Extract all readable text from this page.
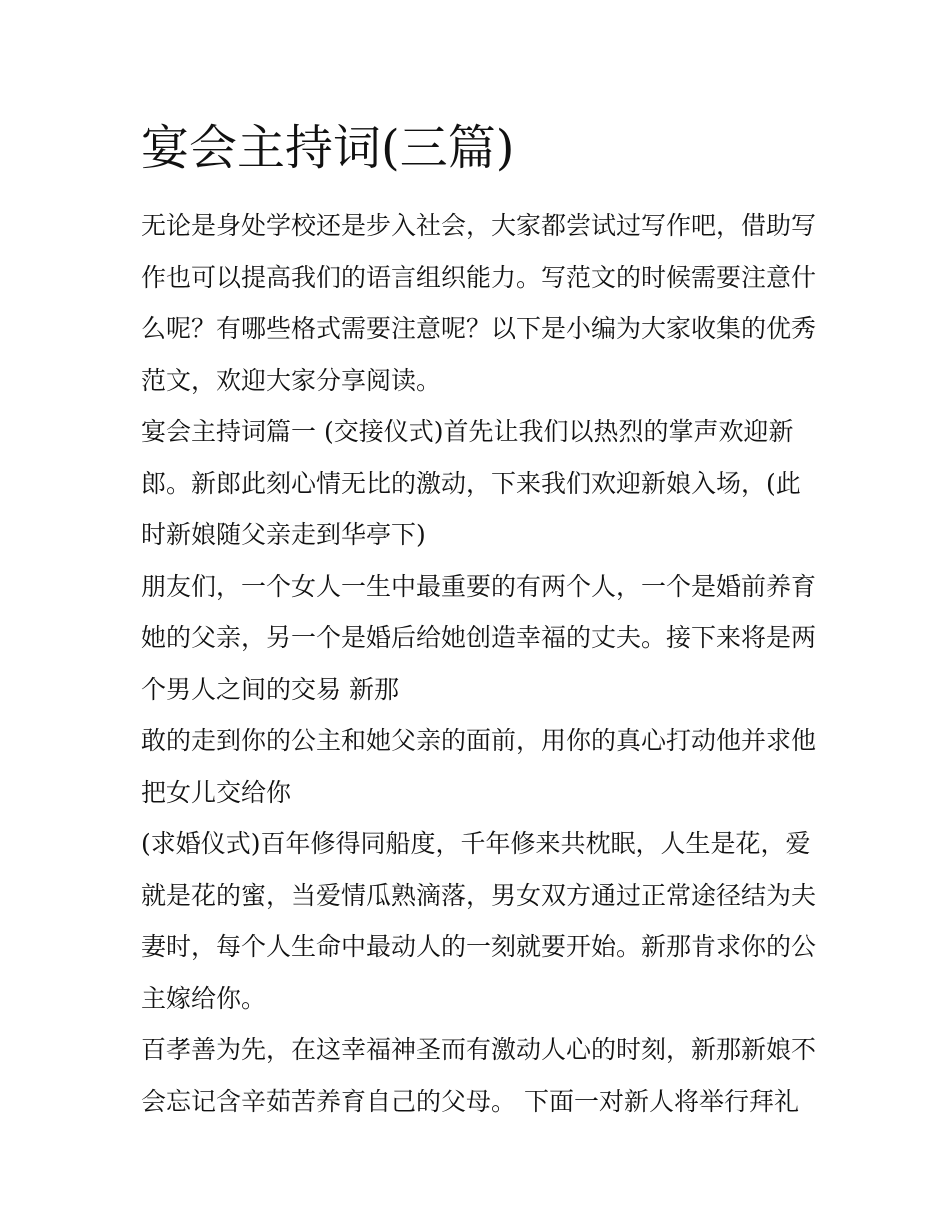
宴会主持词(三篇)

无论是身处学校还是步入社会，大家都尝试过写作吧，借助写
作也可以提高我们的语言组织能力。写范文的时候需要注意什
么呢？有哪些格式需要注意呢？以下是小编为大家收集的优秀
范文，欢迎大家分享阅读。

宴会主持词篇一 (交接仪式)首先让我们以热烈的掌声欢迎新
郎。新郎此刻心情无比的激动，下来我们欢迎新娘入场，(此
时新娘随父亲走到华亭下)

朋友们，一个女人一生中最重要的有两个人，一个是婚前养育
她的父亲，另一个是婚后给她创造幸福的丈夫。接下来将是两
个男人之间的交易 新那

敢的走到你的公主和她父亲的面前，用你的真心打动他并求他
把女儿交给你

(求婚仪式)百年修得同船度，千年修来共枕眠，人生是花，爱
就是花的蜜，当爱情瓜熟滴落，男女双方通过正常途径结为夫
妻时，每个人生命中最动人的一刻就要开始。新那肯求你的公
主嫁给你。

百孝善为先，在这幸福神圣而有激动人心的时刻，新那新娘不
会忘记含辛茹苦养育自己的父母。 下面一对新人将举行拜礼
